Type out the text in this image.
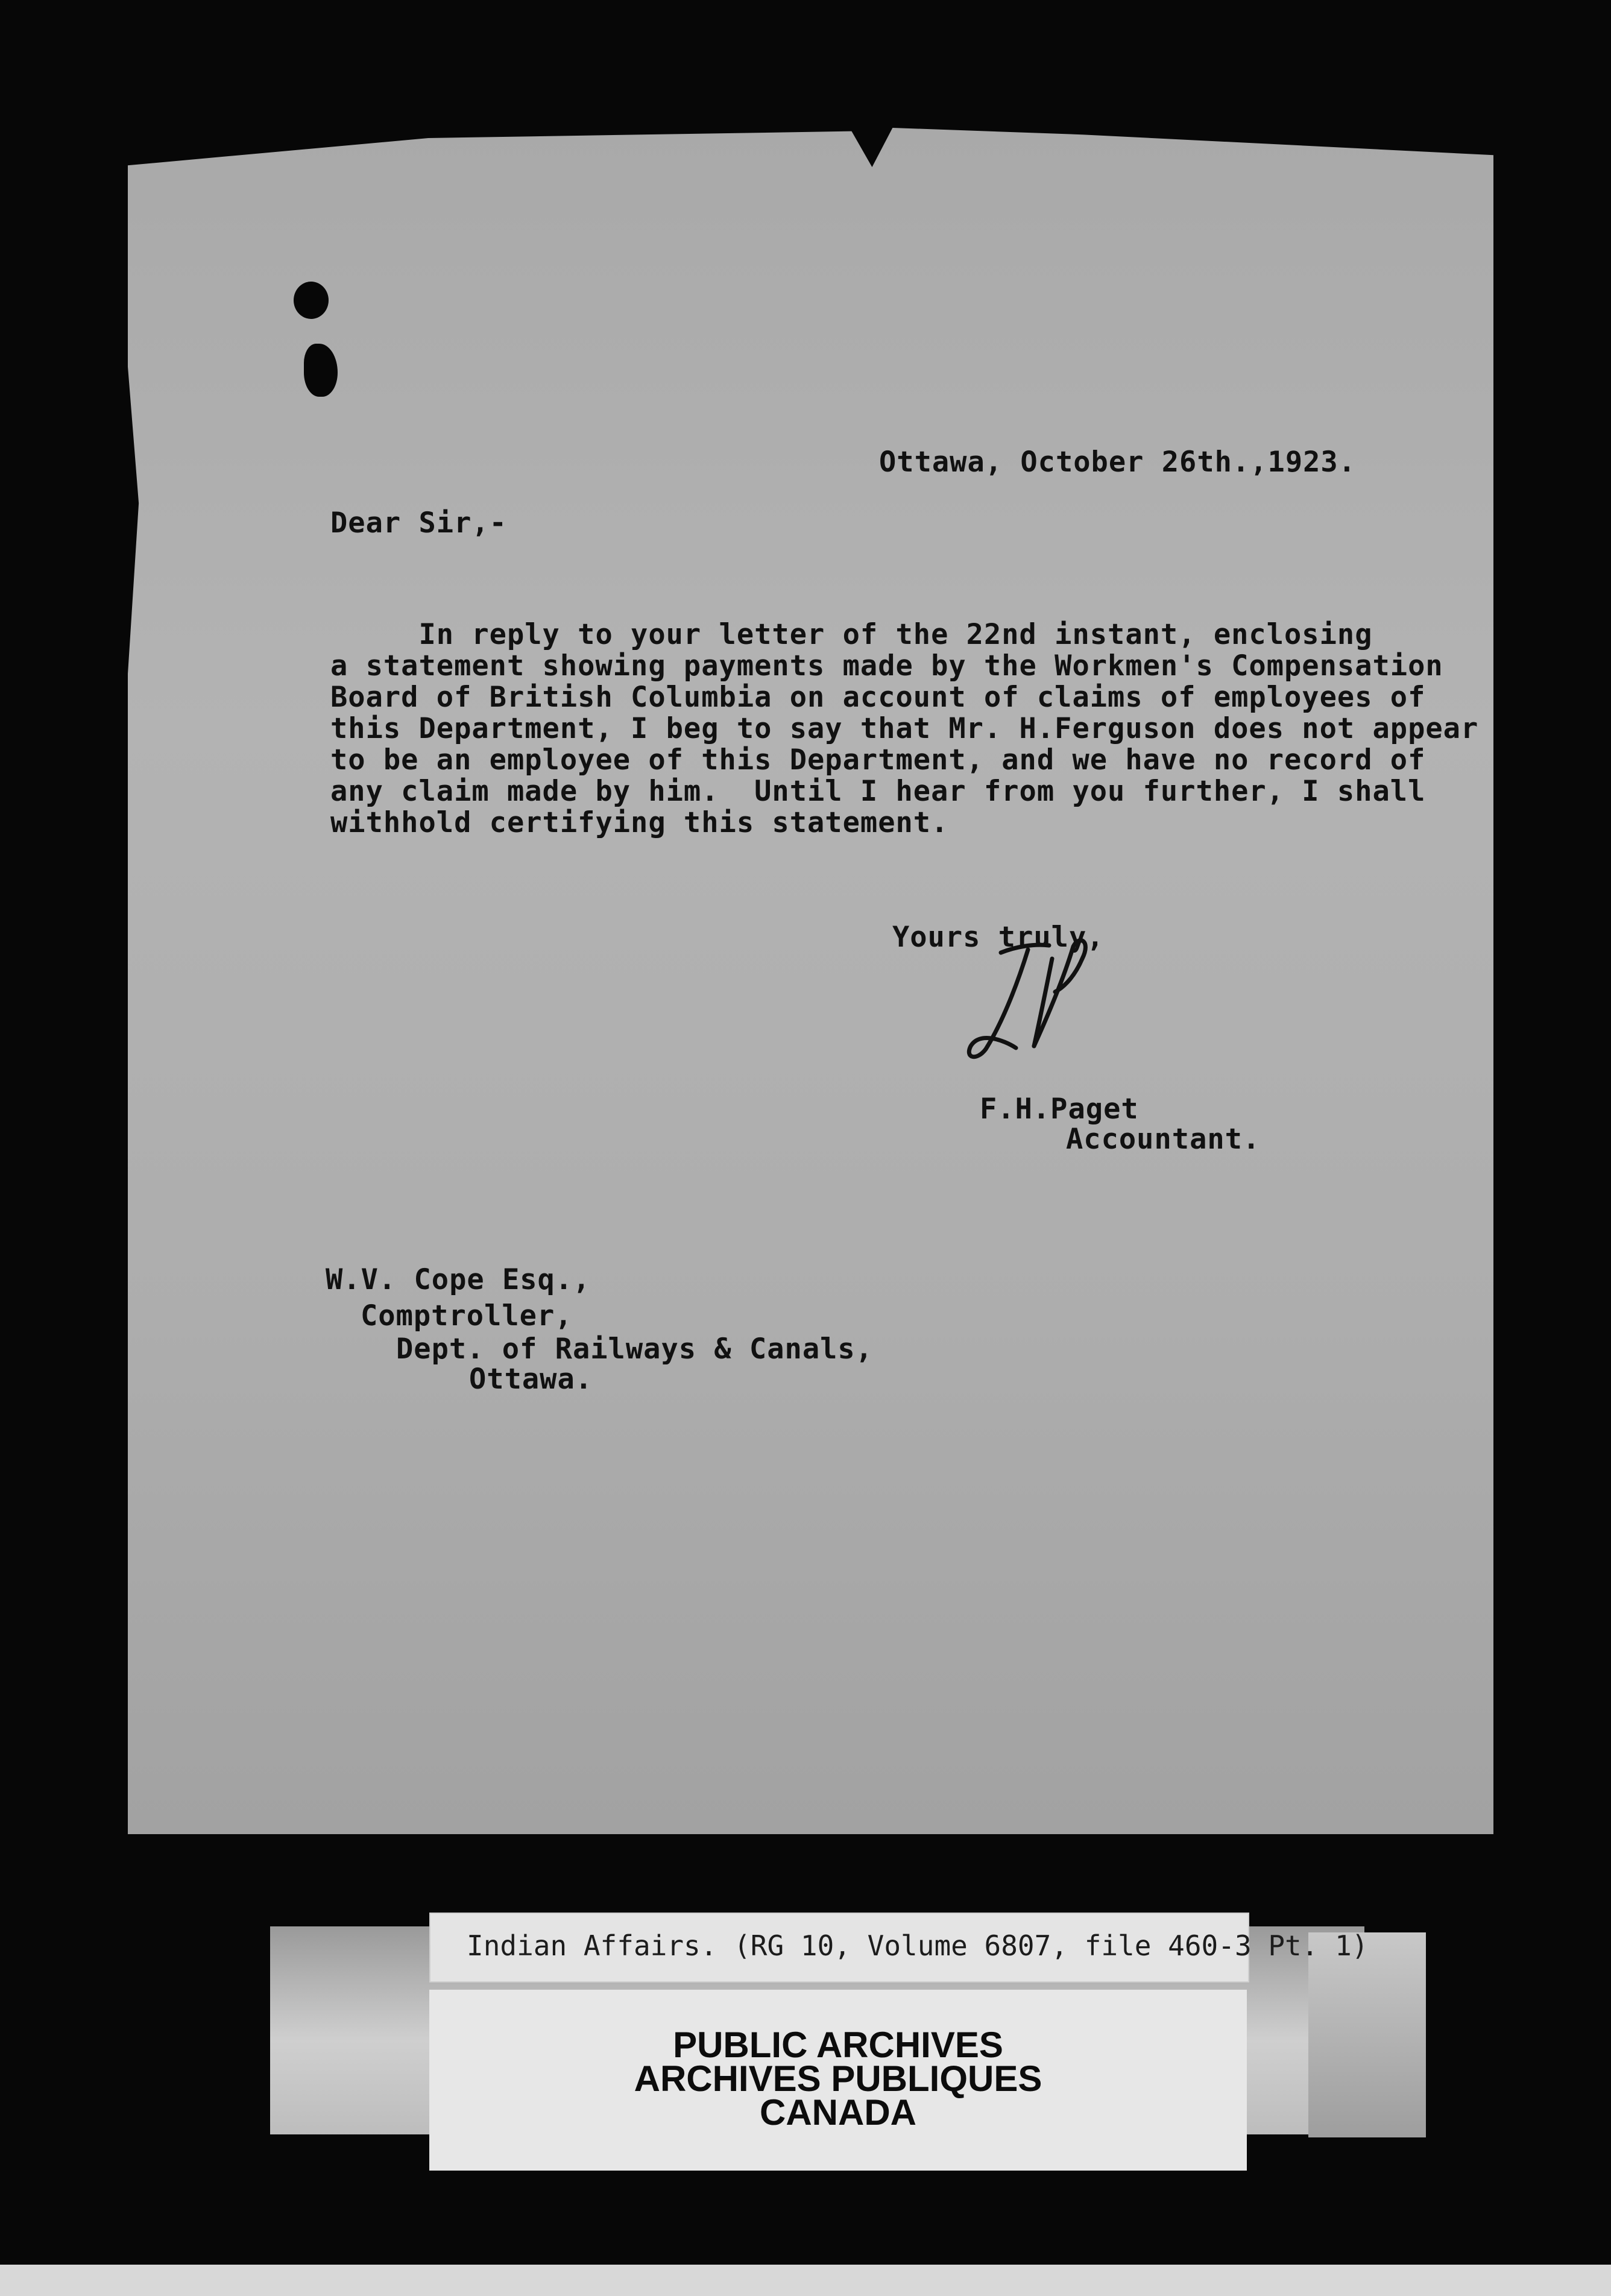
Ottawa, October 26th.,1923.
Dear Sir,-
In reply to your letter of the 22nd instant, enclosing
a statement showing payments made by the Workmen's Compensation
Board of British Columbia on account of claims of employees of
this Department, I beg to say that Mr. H.Ferguson does not appear
to be an employee of this Department, and we have no record of
any claim made by him.  Until I hear from you further, I shall
withhold certifying this statement.
Yours truly,
F.H.Paget
Accountant.
W.V. Cope Esq.,
Comptroller,
Dept. of Railways & Canals,
Ottawa.
Indian Affairs. (RG 10, Volume 6807, file 460-3 Pt. 1)
PUBLIC ARCHIVES
ARCHIVES PUBLIQUES
CANADA
